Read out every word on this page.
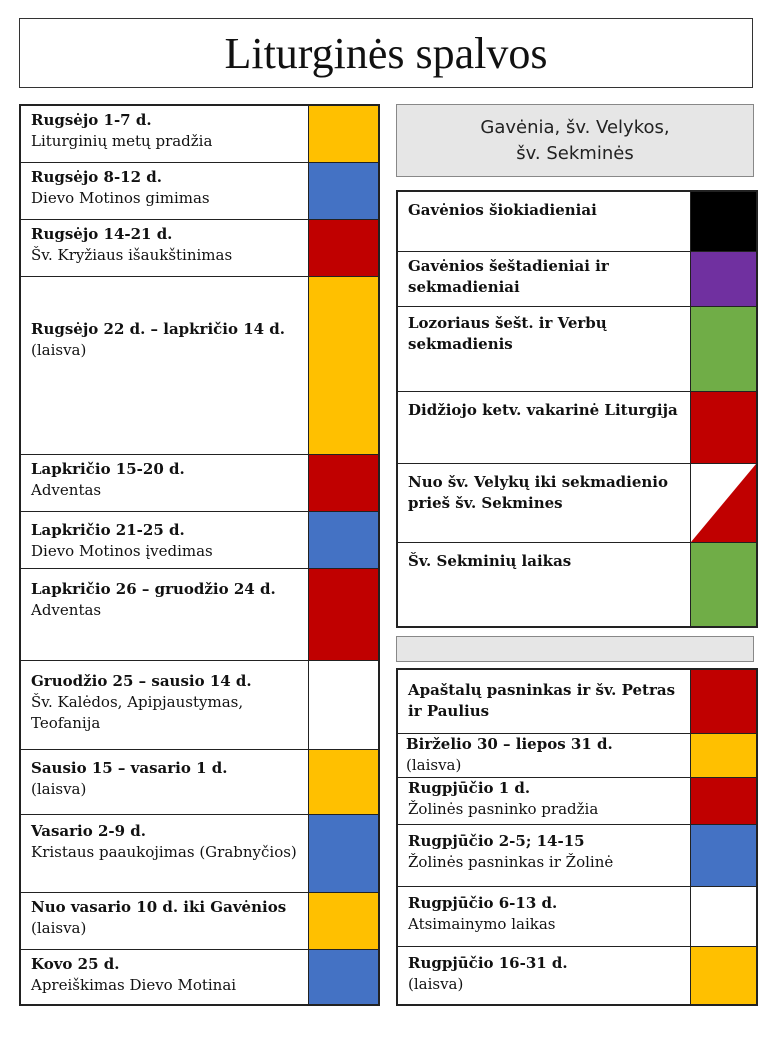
Liturginės spalvos
Rugsėjo 1-7 d.
Liturginių metų pradžia
Rugsėjo 8-12 d.
Dievo Motinos gimimas
Rugsėjo 14-21 d.
Šv. Kryžiaus išaukštinimas
Rugsėjo 22 d. – lapkričio 14 d.
(laisva)
Lapkričio 15-20 d.
Adventas
Lapkričio 21-25 d.
Dievo Motinos įvedimas
Lapkričio 26 – gruodžio 24 d.
Adventas
Gruodžio 25 – sausio 14 d.
Šv. Kalėdos, Apipjaustymas, Teofanija
Sausio 15 – vasario 1 d.
(laisva)
Vasario 2-9 d.
Kristaus paaukojimas (Grabnyčios)
Nuo vasario 10 d. iki Gavėnios
(laisva)
Kovo 25 d.
Apreiškimas Dievo Motinai
Gavėnia, šv. Velykos, šv. Sekminės
Gavėnios šiokiadieniai
Gavėnios šeštadieniai ir sekmadieniai
Lozoriaus šešt. ir Verbų sekmadienis
Didžiojo ketv. vakarinė Liturgija
Nuo šv. Velykų iki sekmadienio prieš šv. Sekmines
Šv. Sekminių laikas
Apaštalų pasninkas ir šv. Petras ir Paulius
Birželio 30 – liepos 31 d.
(laisva)
Rugpjūčio 1 d.
Žolinės pasninko pradžia
Rugpjūčio 2-5; 14-15
Žolinės pasninkas ir Žolinė
Rugpjūčio 6-13 d.
Atsimainymo laikas
Rugpjūčio 16-31 d.
(laisva)
